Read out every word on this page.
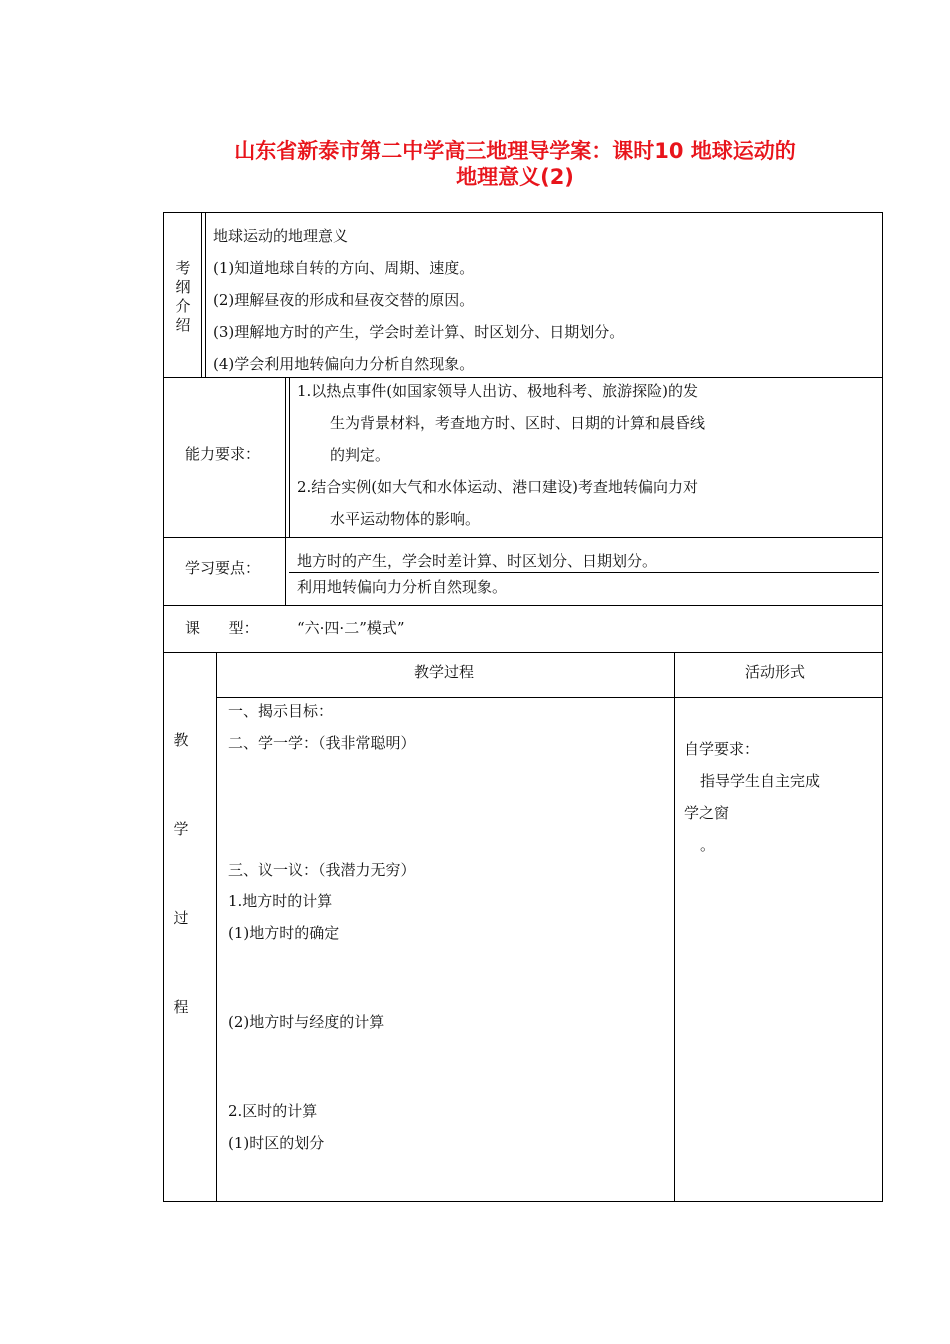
山东省新泰市第二中学高三地理导学案：课时10 地球运动的
地理意义(2)
考
纲
介
绍
地球运动的地理意义
(1)知道地球自转的方向、周期、速度。
(2)理解昼夜的形成和昼夜交替的原因。
(3)理解地方时的产生，学会时差计算、时区划分、日期划分。
(4)学会利用地转偏向力分析自然现象。
能力要求：
1.以热点事件(如国家领导人出访、极地科考、旅游探险)的发
生为背景材料，考查地方时、区时、日期的计算和晨昏线
的判定。
2.结合实例(如大气和水体运动、港口建设)考查地转偏向力对
水平运动物体的影响。
学习要点： 地方时的产生，学会时差计算、时区划分、日期划分。
利用地转偏向力分析自然现象。
课      型：	“六·四·二”模式”
教学过程	活动形式
教
学
过
程
一、揭示目标：
二、学一学：（我非常聪明）
三、议一议：（我潜力无穷）
1.地方时的计算
(1)地方时的确定
(2)地方时与经度的计算
2.区时的计算
(1)时区的划分
自学要求：
指导学生自主完成
学之窗
。
